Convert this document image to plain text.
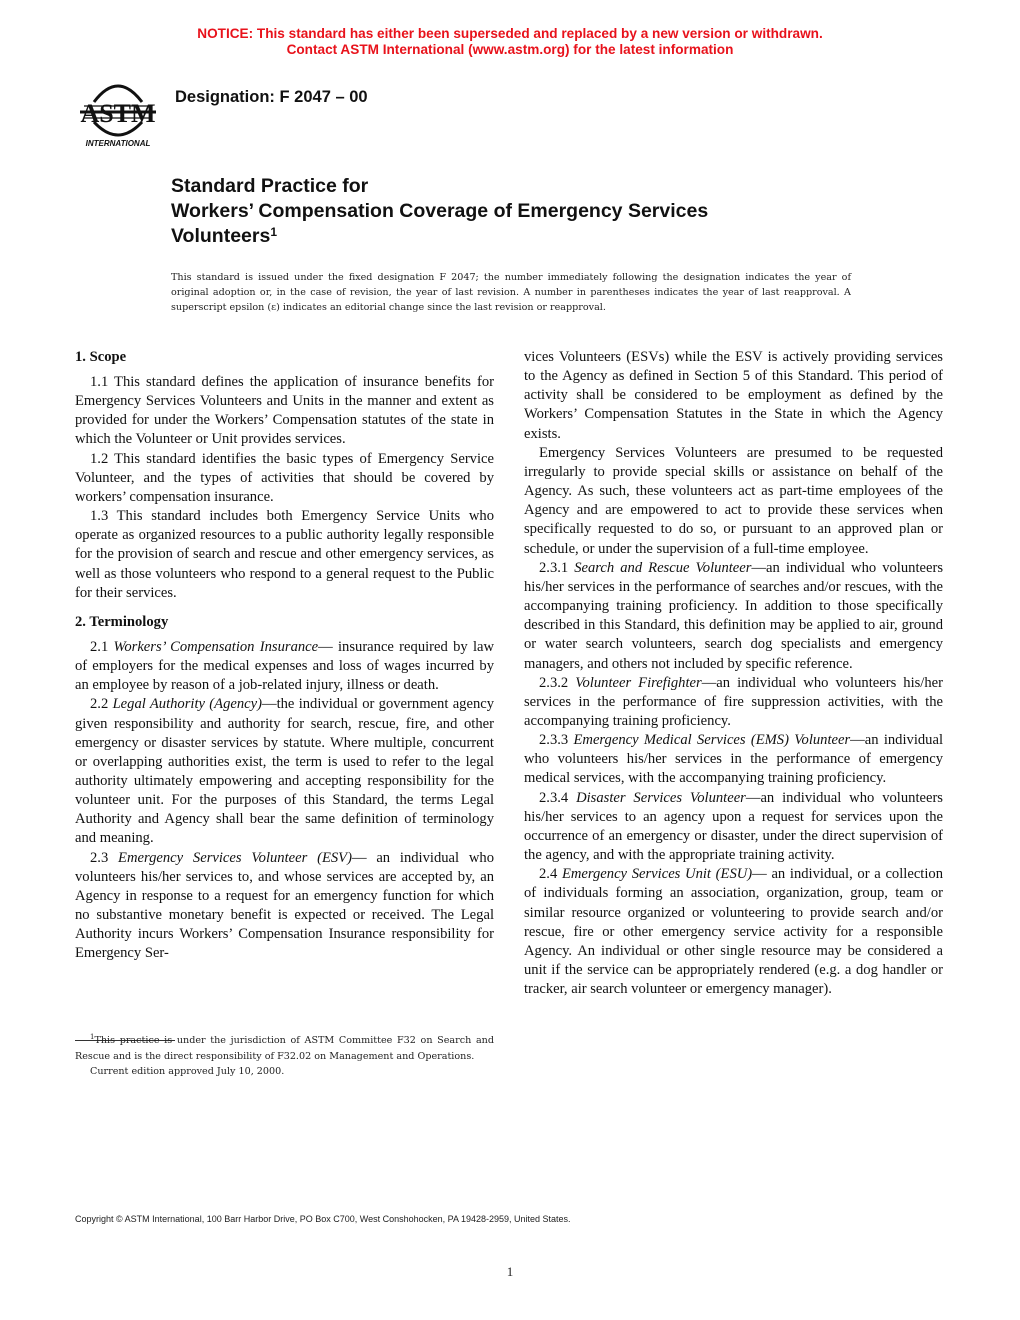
NOTICE: This standard has either been superseded and replaced by a new version or withdrawn.
Contact ASTM International (www.astm.org) for the latest information
ASTM
INTERNATIONAL
Designation: F 2047 – 00
Standard Practice for
Workers’ Compensation Coverage of Emergency Services
Volunteers$^1$
This standard is issued under the fixed designation F 2047; the number immediately following the designation indicates the year of original adoption or, in the case of revision, the year of last revision. A number in parentheses indicates the year of last reapproval. A superscript epsilon (ε) indicates an editorial change since the last revision or reapproval.
1. Scope

1.1 This standard defines the application of insurance benefits for Emergency Services Volunteers and Units in the manner and extent as provided for under the Workers’ Compensation statutes of the state in which the Volunteer or Unit provides services.

1.2 This standard identifies the basic types of Emergency Service Volunteer, and the types of activities that should be covered by workers’ compensation insurance.

1.3 This standard includes both Emergency Service Units who operate as organized resources to a public authority legally responsible for the provision of search and rescue and other emergency services, as well as those volunteers who respond to a general request to the Public for their services.

2. Terminology

2.1 Workers’ Compensation Insurance— insurance required by law of employers for the medical expenses and loss of wages incurred by an employee by reason of a job-related injury, illness or death.

2.2 Legal Authority (Agency)—the individual or government agency given responsibility and authority for search, rescue, fire, and other emergency or disaster services by statute. Where multiple, concurrent or overlapping authorities exist, the term is used to refer to the legal authority ultimately empowering and accepting responsibility for the volunteer unit. For the purposes of this Standard, the terms Legal Authority and Agency shall bear the same definition of terminology and meaning.

2.3 Emergency Services Volunteer (ESV)— an individual who volunteers his/her services to, and whose services are accepted by, an Agency in response to a request for an emergency function for which no substantive monetary benefit is expected or received. The Legal Authority incurs Workers’ Compensation Insurance responsibility for Emergency Ser-

vices Volunteers (ESVs) while the ESV is actively providing services to the Agency as defined in Section 5 of this Standard. This period of activity shall be considered to be employment as defined by the Workers’ Compensation Statutes in the State in which the Agency exists.

Emergency Services Volunteers are presumed to be requested irregularly to provide special skills or assistance on behalf of the Agency. As such, these volunteers act as part-time employees of the Agency and are empowered to act to provide these services when specifically requested to do so, or pursuant to an approved plan or schedule, or under the supervision of a full-time employee.

2.3.1 Search and Rescue Volunteer—an individual who volunteers his/her services in the performance of searches and/or rescues, with the accompanying training proficiency. In addition to those specifically described in this Standard, this definition may be applied to air, ground or water search volunteers, search dog specialists and emergency managers, and others not included by specific reference.

2.3.2 Volunteer Firefighter—an individual who volunteers his/her services in the performance of fire suppression activities, with the accompanying training proficiency.

2.3.3 Emergency Medical Services (EMS) Volunteer—an individual who volunteers his/her services in the performance of emergency medical services, with the accompanying training proficiency.

2.3.4 Disaster Services Volunteer—an individual who volunteers his/her services to an agency upon a request for services upon the occurrence of an emergency or disaster, under the direct supervision of the agency, and with the appropriate training activity.

2.4 Emergency Services Unit (ESU)— an individual, or a collection of individuals forming an association, organization, group, team or similar resource organized or volunteering to provide search and/or rescue, fire or other emergency service activity for a responsible Agency. An individual or other single resource may be considered a unit if the service can be appropriately rendered (e.g. a dog handler or tracker, air search volunteer or emergency manager).

$^1$This practice is under the jurisdiction of ASTM Committee F32 on Search and Rescue and is the direct responsibility of F32.02 on Management and Operations.

Current edition approved July 10, 2000.

Copyright © ASTM International, 100 Barr Harbor Drive, PO Box C700, West Conshohocken, PA 19428-2959, United States.
1
